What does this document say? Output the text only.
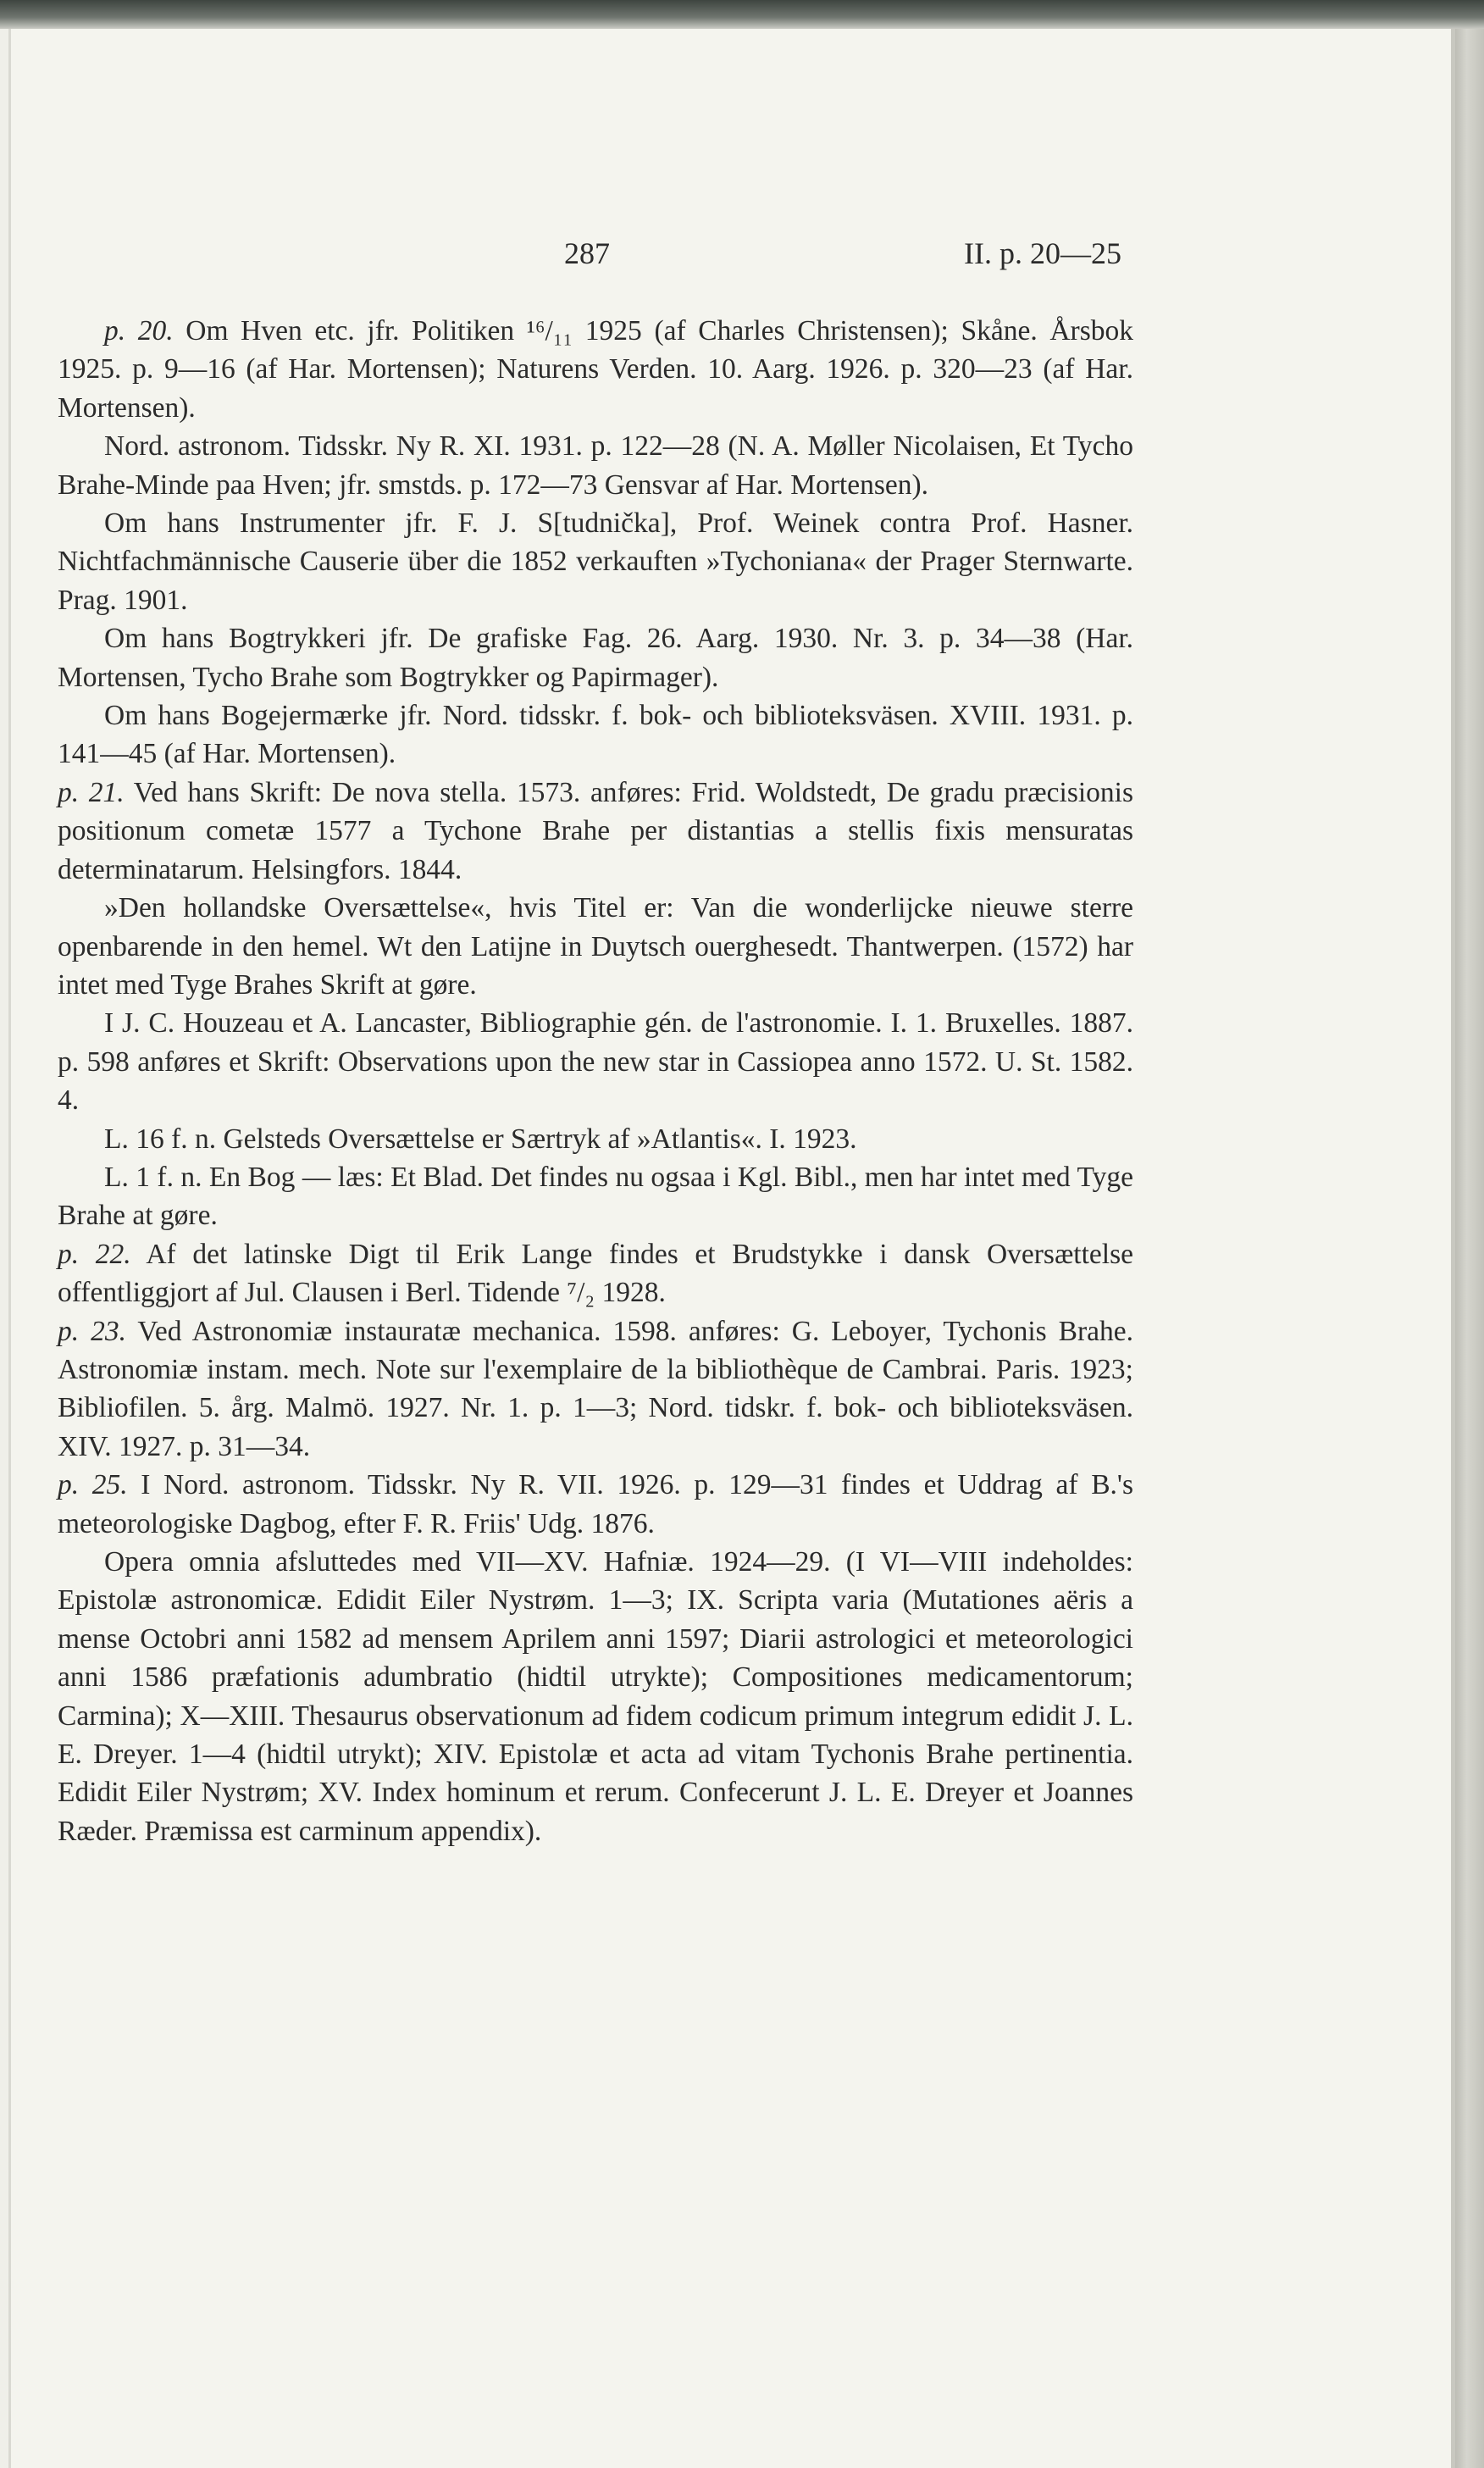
287	II. p. 20—25

p. 20. Om Hven etc. jfr. Politiken ¹⁶/₁₁ 1925 (af Charles Christensen); Skåne. Årsbok 1925. p. 9—16 (af Har. Mortensen); Naturens Verden. 10. Aarg. 1926. p. 320—23 (af Har. Mortensen).

Nord. astronom. Tidsskr. Ny R. XI. 1931. p. 122—28 (N. A. Møller Nicolaisen, Et Tycho Brahe-Minde paa Hven; jfr. smstds. p. 172—73 Gensvar af Har. Mortensen).

Om hans Instrumenter jfr. F. J. S[tudnička], Prof. Weinek contra Prof. Hasner. Nichtfachmännische Causerie über die 1852 verkauften »Tychoniana« der Prager Sternwarte. Prag. 1901.

Om hans Bogtrykkeri jfr. De grafiske Fag. 26. Aarg. 1930. Nr. 3. p. 34—38 (Har. Mortensen, Tycho Brahe som Bogtrykker og Papirmager).

Om hans Bogejermærke jfr. Nord. tidsskr. f. bok- och biblioteksväsen. XVIII. 1931. p. 141—45 (af Har. Mortensen).

p. 21. Ved hans Skrift: De nova stella. 1573. anføres: Frid. Woldstedt, De gradu præcisionis positionum cometæ 1577 a Tychone Brahe per distantias a stellis fixis mensuratas determinatarum. Helsingfors. 1844.

»Den hollandske Oversættelse«, hvis Titel er: Van die wonderlijcke nieuwe sterre openbarende in den hemel. Wt den Latijne in Duytsch ouerghesedt. Thantwerpen. (1572) har intet med Tyge Brahes Skrift at gøre.

I J. C. Houzeau et A. Lancaster, Bibliographie gén. de l'astronomie. I. 1. Bruxelles. 1887. p. 598 anføres et Skrift: Observations upon the new star in Cassiopea anno 1572. U. St. 1582. 4.

L. 16 f. n. Gelsteds Oversættelse er Særtryk af »Atlantis«. I. 1923.

L. 1 f. n. En Bog — læs: Et Blad. Det findes nu ogsaa i Kgl. Bibl., men har intet med Tyge Brahe at gøre.

p. 22. Af det latinske Digt til Erik Lange findes et Brudstykke i dansk Oversættelse offentliggjort af Jul. Clausen i Berl. Tidende ⁷/₂ 1928.

p. 23. Ved Astronomiæ instauratæ mechanica. 1598. anføres: G. Leboyer, Tychonis Brahe. Astronomiæ instam. mech. Note sur l'exemplaire de la bibliothèque de Cambrai. Paris. 1923; Bibliofilen. 5. årg. Malmö. 1927. Nr. 1. p. 1—3; Nord. tidskr. f. bok- och biblioteksväsen. XIV. 1927. p. 31—34.

p. 25. I Nord. astronom. Tidsskr. Ny R. VII. 1926. p. 129—31 findes et Uddrag af B.'s meteorologiske Dagbog, efter F. R. Friis' Udg. 1876.

Opera omnia afsluttedes med VII—XV. Hafniæ. 1924—29. (I VI—VIII indeholdes: Epistolæ astronomicæ. Edidit Eiler Nystrøm. 1—3; IX. Scripta varia (Mutationes aëris a mense Octobri anni 1582 ad mensem Aprilem anni 1597; Diarii astrologici et meteorologici anni 1586 præfationis adumbratio (hidtil utrykte); Compositiones medicamentorum; Carmina); X—XIII. Thesaurus observationum ad fidem codicum primum integrum edidit J. L. E. Dreyer. 1—4 (hidtil utrykt); XIV. Epistolæ et acta ad vitam Tychonis Brahe pertinentia. Edidit Eiler Nystrøm; XV. Index hominum et rerum. Confecerunt J. L. E. Dreyer et Joannes Ræder. Præmissa est carminum appendix).
